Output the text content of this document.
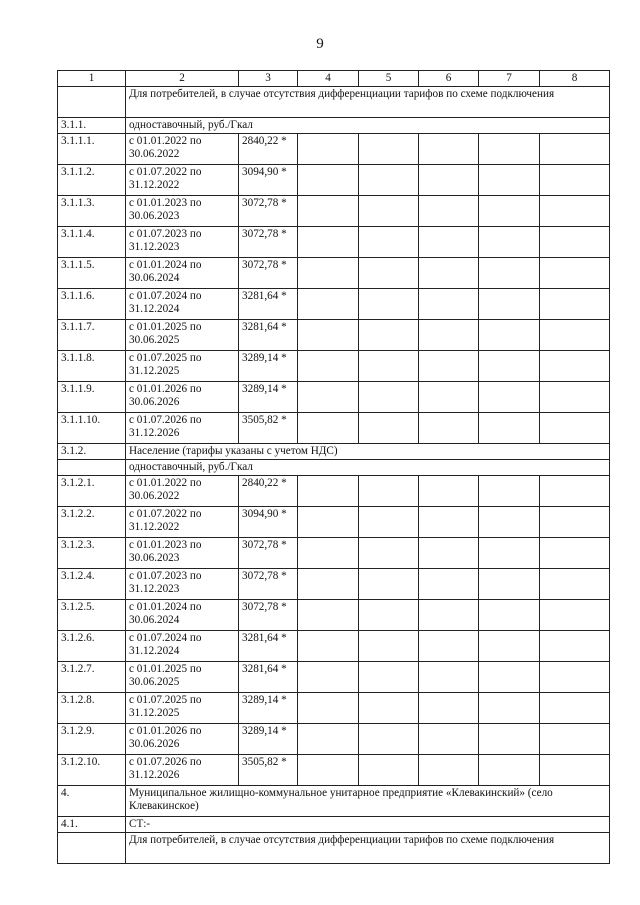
9
1	2	3	4	5	6	7	8
	Для потребителей, в случае отсутствия дифференциации тарифов по схеме подключения						
3.1.1.	одноставочный, руб./Гкал						
3.1.1.1.	с 01.01.2022 по 30.06.2022	2840,22 *					
3.1.1.2.	с 01.07.2022 по 31.12.2022	3094,90 *					
3.1.1.3.	с 01.01.2023 по 30.06.2023	3072,78 *					
3.1.1.4.	с 01.07.2023 по 31.12.2023	3072,78 *					
3.1.1.5.	с 01.01.2024 по 30.06.2024	3072,78 *					
3.1.1.6.	с 01.07.2024 по 31.12.2024	3281,64 *					
3.1.1.7.	с 01.01.2025 по 30.06.2025	3281,64 *					
3.1.1.8.	с 01.07.2025 по 31.12.2025	3289,14 *					
3.1.1.9.	с 01.01.2026 по 30.06.2026	3289,14 *					
3.1.1.10.	с 01.07.2026 по 31.12.2026	3505,82 *					
3.1.2.	Население (тарифы указаны с учетом НДС)						
	одноставочный, руб./Гкал						
3.1.2.1.	с 01.01.2022 по 30.06.2022	2840,22 *					
3.1.2.2.	с 01.07.2022 по 31.12.2022	3094,90 *					
3.1.2.3.	с 01.01.2023 по 30.06.2023	3072,78 *					
3.1.2.4.	с 01.07.2023 по 31.12.2023	3072,78 *					
3.1.2.5.	с 01.01.2024 по 30.06.2024	3072,78 *					
3.1.2.6.	с 01.07.2024 по 31.12.2024	3281,64 *					
3.1.2.7.	с 01.01.2025 по 30.06.2025	3281,64 *					
3.1.2.8.	с 01.07.2025 по 31.12.2025	3289,14 *					
3.1.2.9.	с 01.01.2026 по 30.06.2026	3289,14 *					
3.1.2.10.	с 01.07.2026 по 31.12.2026	3505,82 *					
4.	Муниципальное жилищно-коммунальное унитарное предприятие «Клевакинский» (село Клевакинское)						
4.1.	СТ:-						
	Для потребителей, в случае отсутствия дифференциации тарифов по схеме подключения						
